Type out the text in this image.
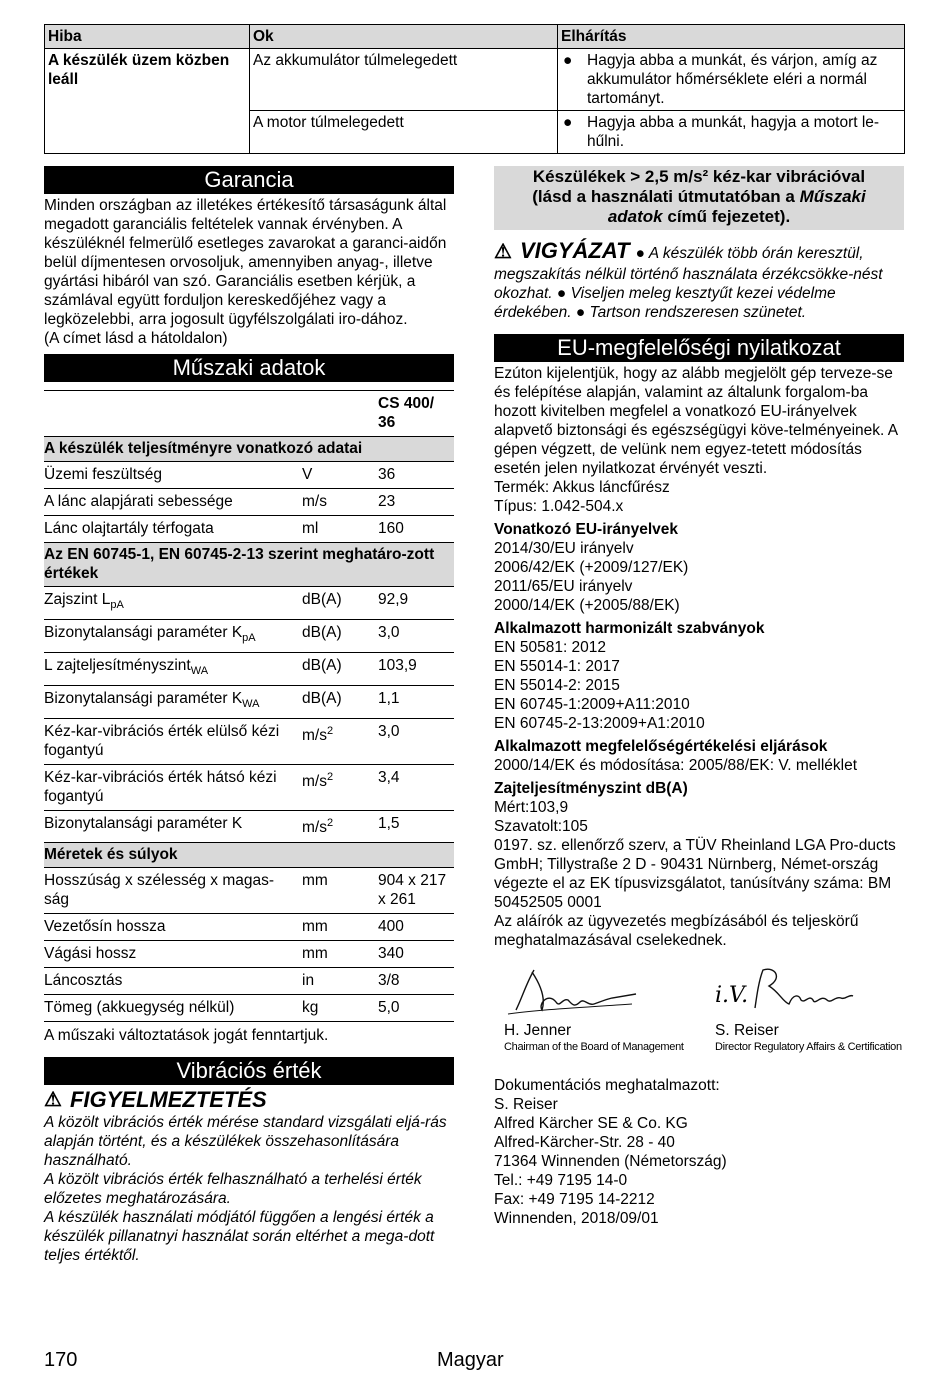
Hiba	Ok	Elhárítás
A készülék üzem közben leáll	Az akkumulátor túlmelegedett	● Hagyja abba a munkát, és várjon, amíg az akkumulátor hőmérséklete eléri a normál tartományt.

	A motor túlmelegedett	● Hagyja abba a munkát, hagyja a motort le-hűlni.
Garancia
Minden országban az illetékes értékesítő társaságunk által megadott garanciális feltételek vannak érvényben. A készüléknél felmerülő esetleges zavarokat a garanci-aidőn belül díjmentesen orvosoljuk, amennyiben anyag-, illetve gyártási hibáról van szó. Garanciális esetben kérjük, a számlával együtt forduljon kereskedőjéhez vagy a legközelebbi, arra jogosult ügyfélszolgálati iro-dához.
(A címet lásd a hátoldalon)
Műszaki adatok
		CS 400/ 36
A készülék teljesítményre vonatkozó adatai		
Üzemi feszültség	V	36
A lánc alapjárati sebessége	m/s	23
Lánc olajtartály térfogata	ml	160
Az EN 60745-1, EN 60745-2-13 szerint meghatáro-zott értékek		
Zajszint $L_{pA}$	dB(A)	92,9
Bizonytalansági paraméter $K_{pA}$	dB(A)	3,0
L zajteljesítményszint$_{WA}$	dB(A)	103,9
Bizonytalansági paraméter $K_{WA}$	dB(A)	1,1
Kéz-kar-vibrációs érték elülső kézi fogantyú	$m/s^2$	3,0
Kéz-kar-vibrációs érték hátsó kézi fogantyú	$m/s^2$	3,4
Bizonytalansági paraméter K	$m/s^2$	1,5
Méretek és súlyok		
Hosszúság x szélesség x magas-ság	mm	904 x 217 x 261
Vezetősín hossza	mm	400
Vágási hossz	mm	340
Láncosztás	in	3/8
Tömeg (akkuegység nélkül)	kg	5,0
A műszaki változtatások jogát fenntartjuk.
Vibrációs érték
⚠ FIGYELMEZTETÉS
A közölt vibrációs érték mérése standard vizsgálati eljá-rás alapján történt, és a készülékek összehasonlítására használható.
A közölt vibrációs érték felhasználható a terhelési érték előzetes meghatározására.
A készülék használati módjától függően a lengési érték a készülék pillanatnyi használat során eltérhet a mega-dott teljes értéktől.
Készülékek > 2,5 m/s² kéz-kar vibrációval
(lásd a használati útmutatóban a Műszaki
adatok című fejezetet).
⚠ VIGYÁZAT ● A készülék több órán keresztül, megszakítás nélkül történő használata érzékcsökke-nést okozhat. ● Viseljen meleg kesztyűt kezei védelme érdekében. ● Tartson rendszeresen szünetet.
EU-megfelelőségi nyilatkozat
Ezúton kijelentjük, hogy az alább megjelölt gép terveze-se és felépítése alapján, valamint az általunk forgalom-ba hozott kivitelben megfelel a vonatkozó EU-irányelvek alapvető biztonsági és egészségügyi köve-telményeinek. A gépen végzett, de velünk nem egyez-tetett módosítás esetén jelen nyilatkozat érvényét veszti.
Termék: Akkus láncfűrész
Típus: 1.042-504.x
Vonatkozó EU-irányelvek
2014/30/EU irányelv
2006/42/EK (+2009/127/EK)
2011/65/EU irányelv
2000/14/EK (+2005/88/EK)
Alkalmazott harmonizált szabványok
EN 50581: 2012
EN 55014-1: 2017
EN 55014-2: 2015
EN 60745-1:2009+A11:2010
EN 60745-2-13:2009+A1:2010
Alkalmazott megfelelőségértékelési eljárások
2000/14/EK és módosítása: 2005/88/EK: V. melléklet
Zajteljesítményszint dB(A)
Mért:103,9
Szavatolt:105
0197. sz. ellenőrző szerv, a TÜV Rheinland LGA Pro-ducts GmbH; Tillystraße 2 D - 90431 Nürnberg, Német-ország végezte el az EK típusvizsgálatot, tanúsítvány száma: BM 50452505 0001
Az aláírók az ügyvezetés megbízásából és teljeskörű meghatalmazásával cselekednek.
H. Jenner
Chairman of the Board of Management
i.V.
S. Reiser
Director Regulatory Affairs & Certification
Dokumentációs meghatalmazott:
S. Reiser
Alfred Kärcher SE & Co. KG
Alfred-Kärcher-Str. 28 - 40
71364 Winnenden (Németország)
Tel.: +49 7195 14-0
Fax: +49 7195 14-2212
Winnenden, 2018/09/01
170	Magyar
